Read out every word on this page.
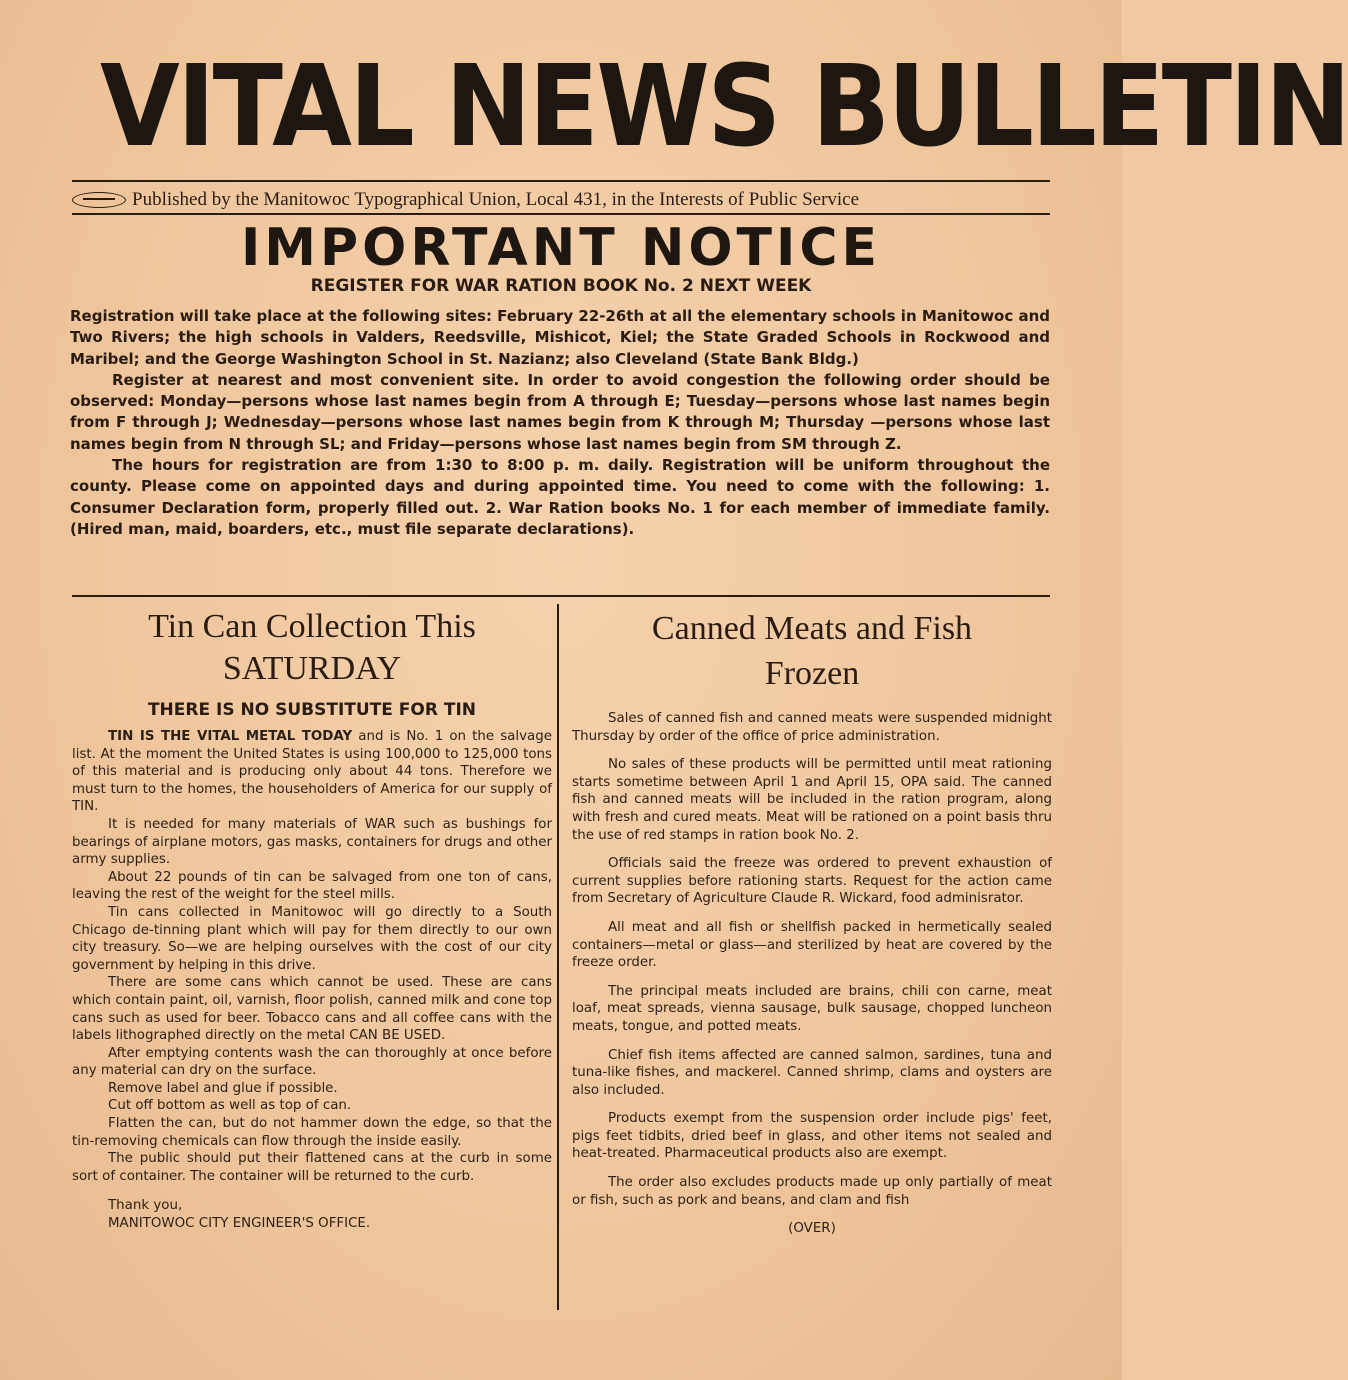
VITAL NEWS BULLETIN
Published by the Manitowoc Typographical Union, Local 431, in the Interests of Public Service
IMPORTANT NOTICE
REGISTER FOR WAR RATION BOOK No. 2 NEXT WEEK

Registration will take place at the following sites: February 22-26th at all the elementary schools in Manitowoc and Two Rivers; the high schools in Valders, Reedsville, Mishicot, Kiel; the State Graded Schools in Rockwood and Maribel; and the George Washington School in St. Nazianz; also Cleveland (State Bank Bldg.)

Register at nearest and most convenient site. In order to avoid congestion the following order should be observed: Monday—persons whose last names begin from A through E; Tuesday—persons whose last names begin from F through J; Wednesday—persons whose last names begin from K through M; Thursday —persons whose last names begin from N through SL; and Friday—persons whose last names begin from SM through Z.

The hours for registration are from 1:30 to 8:00 p. m. daily. Registration will be uniform throughout the county. Please come on appointed days and during appointed time. You need to come with the following: 1. Consumer Declaration form, properly filled out. 2. War Ration books No. 1 for each member of immediate family. (Hired man, maid, boarders, etc., must file separate declarations).

Tin Can Collection This
SATURDAY
THERE IS NO SUBSTITUTE FOR TIN

TIN IS THE VITAL METAL TODAY and is No. 1 on the salvage list. At the moment the United States is using 100,000 to 125,000 tons of this material and is producing only about 44 tons. Therefore we must turn to the homes, the householders of America for our supply of TIN.

It is needed for many materials of WAR such as bushings for bearings of airplane motors, gas masks, containers for drugs and other army supplies.

About 22 pounds of tin can be salvaged from one ton of cans, leaving the rest of the weight for the steel mills.

Tin cans collected in Manitowoc will go directly to a South Chicago de-tinning plant which will pay for them directly to our own city treasury. So—we are helping ourselves with the cost of our city government by helping in this drive.

There are some cans which cannot be used. These are cans which contain paint, oil, varnish, floor polish, canned milk and cone top cans such as used for beer. Tobacco cans and all coffee cans with the labels lithographed directly on the metal CAN BE USED.

After emptying contents wash the can thoroughly at once before any material can dry on the surface.

Remove label and glue if possible.

Cut off bottom as well as top of can.

Flatten the can, but do not hammer down the edge, so that the tin-removing chemicals can flow through the inside easily.

The public should put their flattened cans at the curb in some sort of container. The container will be returned to the curb.

Thank you,
MANITOWOC CITY ENGINEER'S OFFICE.
Canned Meats and Fish
Frozen

Sales of canned fish and canned meats were suspended midnight Thursday by order of the office of price administration.

No sales of these products will be permitted until meat rationing starts sometime between April 1 and April 15, OPA said. The canned fish and canned meats will be included in the ration program, along with fresh and cured meats. Meat will be rationed on a point basis thru the use of red stamps in ration book No. 2.

Officials said the freeze was ordered to prevent exhaustion of current supplies before rationing starts. Request for the action came from Secretary of Agriculture Claude R. Wickard, food adminisrator.

All meat and all fish or shellfish packed in hermetically sealed containers—metal or glass—and sterilized by heat are covered by the freeze order.

The principal meats included are brains, chili con carne, meat loaf, meat spreads, vienna sausage, bulk sausage, chopped luncheon meats, tongue, and potted meats.

Chief fish items affected are canned salmon, sardines, tuna and tuna-like fishes, and mackerel. Canned shrimp, clams and oysters are also included.

Products exempt from the suspension order include pigs' feet, pigs feet tidbits, dried beef in glass, and other items not sealed and heat-treated. Pharmaceutical products also are exempt.

The order also excludes products made up only partially of meat or fish, such as pork and beans, and clam and fish

(OVER)
